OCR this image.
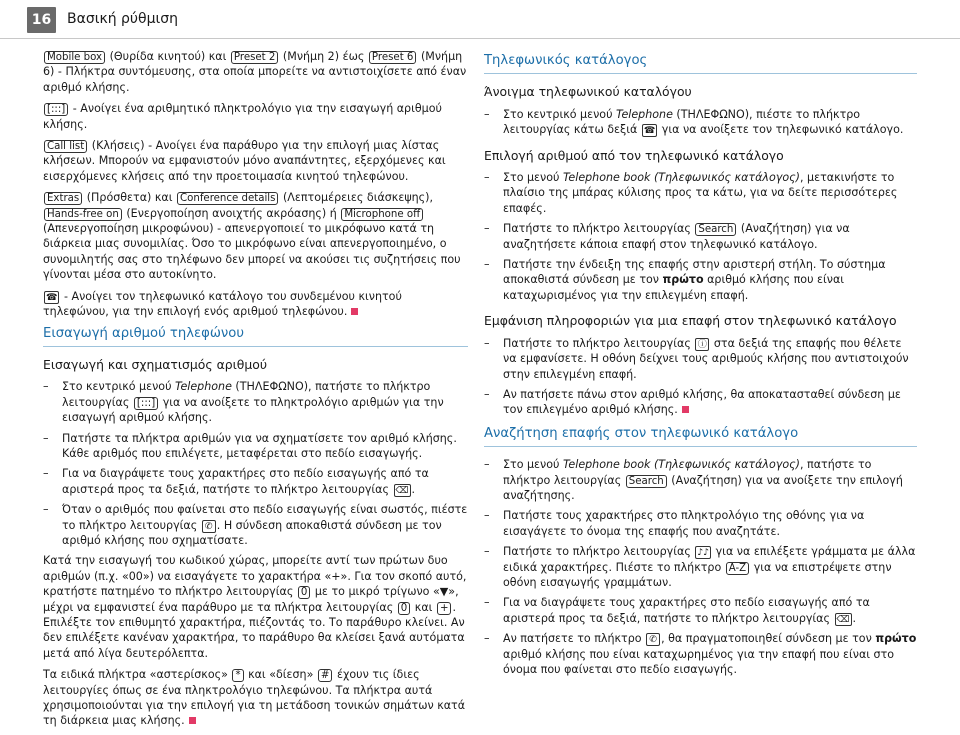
16	Βασική ρύθμιση

Mobile box (Θυρίδα κινητού) και Preset 2 (Μνήμη 2) έως Preset 6 (Μνήμη 6) - Πλήκτρα συντόμευσης, στα οποία μπορείτε να αντιστοιχίσετε από έναν αριθμό κλήσης.

[:::] - Ανοίγει ένα αριθμητικό πληκτρολόγιο για την εισαγωγή αριθμού κλήσης.

Call list (Κλήσεις) - Ανοίγει ένα παράθυρο για την επιλογή μιας λίστας κλήσεων. Μπορούν να εμφανιστούν μόνο αναπάντητες, εξερχόμενες και εισερχόμενες κλήσεις από την προετοιμασία κινητού τηλεφώνου.

Extras (Πρόσθετα) και Conference details (Λεπτομέρειες διάσκεψης), Hands-free on (Ενεργοποίηση ανοιχτής ακρόασης) ή Microphone off (Απενεργοποίηση μικροφώνου) - απενεργοποιεί το μικρόφωνο κατά τη διάρκεια μιας συνομιλίας. Όσο το μικρόφωνο είναι απενεργοποιημένο, ο συνομιλητής σας στο τηλέφωνο δεν μπορεί να ακούσει τις συζητήσεις που γίνονται μέσα στο αυτοκίνητο.

☎ - Ανοίγει τον τηλεφωνικό κατάλογο του συνδεμένου κινητού τηλεφώνου, για την επιλογή ενός αριθμού τηλεφώνου.

Εισαγωγή αριθμού τηλεφώνου
Εισαγωγή και σχηματισμός αριθμού
– Στο κεντρικό μενού Telephone (ΤΗΛΕΦΩΝΟ), πατήστε το πλήκτρο λειτουργίας [:::] για να ανοίξετε το πληκτρολόγιο αριθμών για την εισαγωγή αριθμού κλήσης.
– Πατήστε τα πλήκτρα αριθμών για να σχηματίσετε τον αριθμό κλήσης. Κάθε αριθμός που επιλέγετε, μεταφέρεται στο πεδίο εισαγωγής.
– Για να διαγράψετε τους χαρακτήρες στο πεδίο εισαγωγής από τα αριστερά προς τα δεξιά, πατήστε το πλήκτρο λειτουργίας ⌫ .
– Όταν ο αριθμός που φαίνεται στο πεδίο εισαγωγής είναι σωστός, πιέστε το πλήκτρο λειτουργίας ✆ . Η σύνδεση αποκαθιστά σύνδεση με τον αριθμό κλήσης που σχηματίσατε.

Κατά την εισαγωγή του κωδικού χώρας, μπορείτε αντί των πρώτων δυο αριθμών (π.χ. «00») να εισαγάγετε το χαρακτήρα «+». Για τον σκοπό αυτό, κρατήστε πατημένο το πλήκτρο λειτουργίας 0 με το μικρό τρίγωνο «▼», μέχρι να εμφανιστεί ένα παράθυρο με τα πλήκτρα λειτουργίας 0 και + . Επιλέξτε τον επιθυμητό χαρακτήρα, πιέζοντάς το. Το παράθυρο κλείνει. Αν δεν επιλέξετε κανέναν χαρακτήρα, το παράθυρο θα κλείσει ξανά αυτόματα μετά από λίγα δευτερόλεπτα.

Τα ειδικά πλήκτρα «αστερίσκος» * και «δίεση» # έχουν τις ίδιες λειτουργίες όπως σε ένα πληκτρολόγιο τηλεφώνου. Τα πλήκτρα αυτά χρησιμοποιούνται για την επιλογή για τη μετάδοση τονικών σημάτων κατά τη διάρκεια μιας κλήσης.

Τηλεφωνικός κατάλογος
Άνοιγμα τηλεφωνικού καταλόγου
– Στο κεντρικό μενού Telephone (ΤΗΛΕΦΩΝΟ), πιέστε το πλήκτρο λειτουργίας κάτω δεξιά ☎ για να ανοίξετε τον τηλεφωνικό κατάλογο.
Επιλογή αριθμού από τον τηλεφωνικό κατάλογο
– Στο μενού Telephone book (Τηλεφωνικός κατάλογος), μετακινήστε το πλαίσιο της μπάρας κύλισης προς τα κάτω, για να δείτε περισσότερες επαφές.
– Πατήστε το πλήκτρο λειτουργίας Search (Αναζήτηση) για να αναζητήσετε κάποια επαφή στον τηλεφωνικό κατάλογο.
– Πατήστε την ένδειξη της επαφής στην αριστερή στήλη. Το σύστημα αποκαθιστά σύνδεση με τον πρώτο αριθμό κλήσης που είναι καταχωρισμένος για την επιλεγμένη επαφή.
Εμφάνιση πληροφοριών για μια επαφή στον τηλεφωνικό κατάλογο
– Πατήστε το πλήκτρο λειτουργίας ⓘ στα δεξιά της επαφής που θέλετε να εμφανίσετε. Η οθόνη δείχνει τους αριθμούς κλήσης που αντιστοιχούν στην επιλεγμένη επαφή.
– Αν πατήσετε πάνω στον αριθμό κλήσης, θα αποκατασταθεί σύνδεση με τον επιλεγμένο αριθμό κλήσης.
Αναζήτηση επαφής στον τηλεφωνικό κατάλογο
– Στο μενού Telephone book (Τηλεφωνικός κατάλογος), πατήστε το πλήκτρο λειτουργίας Search (Αναζήτηση) για να ανοίξετε την επιλογή αναζήτησης.
– Πατήστε τους χαρακτήρες στο πληκτρολόγιο της οθόνης για να εισαγάγετε το όνομα της επαφής που αναζητάτε.
– Πατήστε το πλήκτρο λειτουργίας ♪♪ για να επιλέξετε γράμματα με άλλα ειδικά χαρακτήρες. Πιέστε το πλήκτρο A-Z για να επιστρέψετε στην οθόνη εισαγωγής γραμμάτων.
– Για να διαγράψετε τους χαρακτήρες στο πεδίο εισαγωγής από τα αριστερά προς τα δεξιά, πατήστε το πλήκτρο λειτουργίας ⌫ .
– Αν πατήσετε το πλήκτρο ✆ , θα πραγματοποιηθεί σύνδεση με τον πρώτο αριθμό κλήσης που είναι καταχωρημένος για την επαφή που είναι στο όνομα που φαίνεται στο πεδίο εισαγωγής.
